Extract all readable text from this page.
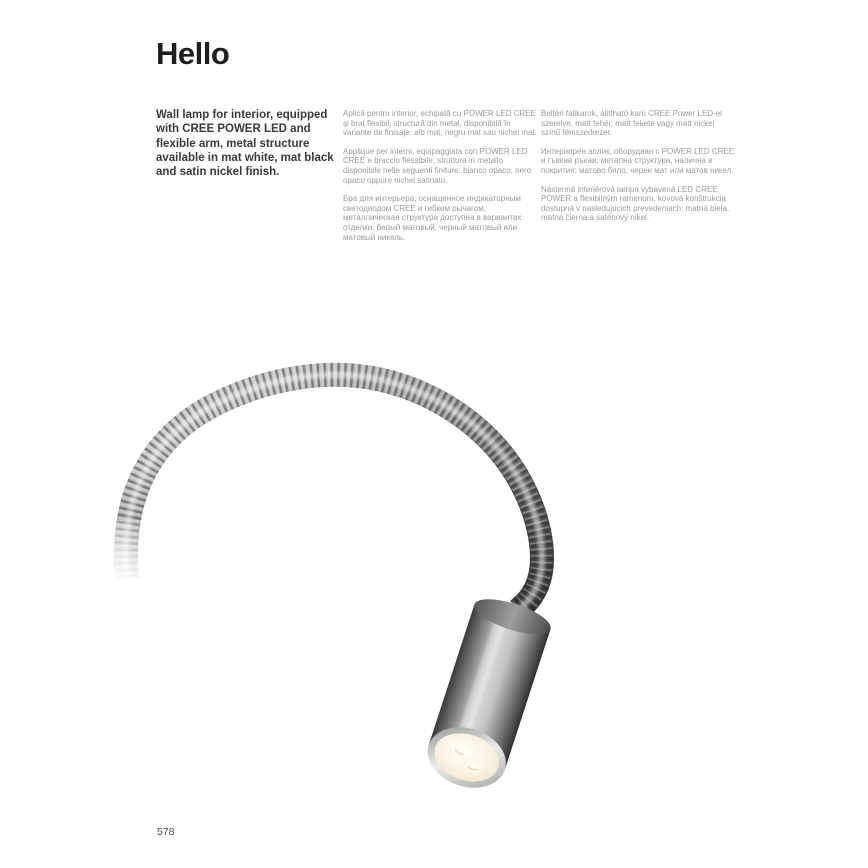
Hello

Wall lamp for interior, equipped with CREE POWER LED and flexible arm, metal structure available in mat white, mat black and satin nickel finish.

Aplică pentru interior, echipată cu POWER LED CREE și braț flexibil, structură din metal, disponibilă în variante de finisaje: alb mat, negru mat sau nichel mat.

Applique per interni, equipaggiata con POWER LED CREE e braccio flessibile, struttura in metallo disponibile nelle seguenti finiture: bianco opaco, nero opaco oppure nichel satinato.

Бра для интерьера, оснащенное индикаторным светодиодом CREE и гибким рычагом, металлическая структура доступна в вариантах отделки: белый матовый, черный матовый или матовый никель.

Beltéri falikarok, állítható karú CREE Power LED-el szerelve, matt fehér, matt fekete vagy matt nickel színű fémszerkezet.

Интериорен аплик, оборудван с POWER LED CREE и гъвкав ръкав, метална структура, налична в покрития: матово бяло, черен мат или матов никел.

Nástenná interiérová lampa vybavená LED CREE POWER a flexibilným ramenom, kovová konštrukcia dostupná v nasledujúcich prevedeniach: matná biela, matná čierna a saténový nikel.

578
